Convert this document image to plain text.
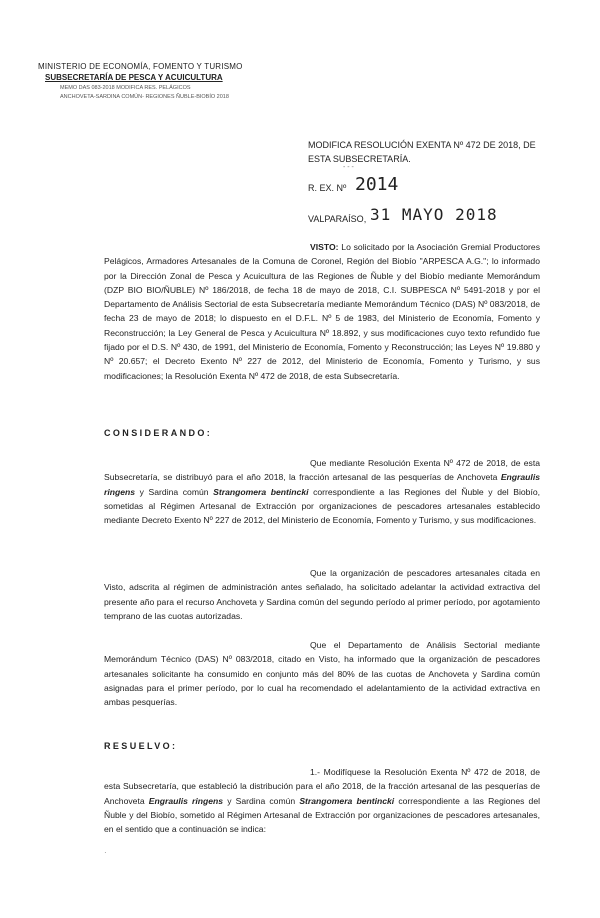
MINISTERIO DE ECONOMÍA, FOMENTO Y TURISMO
SUBSECRETARÍA DE PESCA Y ACUICULTURA
MEMO DAS 083-2018 MODIFICA RES. PELÁGICOS
ANCHOVETA-SARDINA COMÚN- REGIONES ÑUBLE-BIOBÍO 2018
MODIFICA RESOLUCIÓN EXENTA Nº 472 DE 2018, DE ESTA SUBSECRETARÍA.
- - -
R. EX. Nº 2014
VALPARAÍSO, 31 MAYO 2018
VISTO: Lo solicitado por la Asociación Gremial Productores Pelágicos, Armadores Artesanales de la Comuna de Coronel, Región del Biobío "ARPESCA A.G."; lo informado por la Dirección Zonal de Pesca y Acuicultura de las Regiones de Ñuble y del Biobío mediante Memorándum (DZP BIO BIO/ÑUBLE) Nº 186/2018, de fecha 18 de mayo de 2018, C.I. SUBPESCA Nº 5491-2018 y por el Departamento de Análisis Sectorial de esta Subsecretaría mediante Memorándum Técnico (DAS) Nº 083/2018, de fecha 23 de mayo de 2018; lo dispuesto en el D.F.L. Nº 5 de 1983, del Ministerio de Economía, Fomento y Reconstrucción; la Ley General de Pesca y Acuicultura Nº 18.892, y sus modificaciones cuyo texto refundido fue fijado por el D.S. Nº 430, de 1991, del Ministerio de Economía, Fomento y Reconstrucción; las Leyes Nº 19.880 y Nº 20.657; el Decreto Exento Nº 227 de 2012, del Ministerio de Economía, Fomento y Turismo, y sus modificaciones; la Resolución Exenta Nº 472 de 2018, de esta Subsecretaría.
CONSIDERANDO:
Que mediante Resolución Exenta Nº 472 de 2018, de esta Subsecretaría, se distribuyó para el año 2018, la fracción artesanal de las pesquerías de Anchoveta Engraulis ringens y Sardina común Strangomera bentincki correspondiente a las Regiones del Ñuble y del Biobío, sometidas al Régimen Artesanal de Extracción por organizaciones de pescadores artesanales establecido mediante Decreto Exento Nº 227 de 2012, del Ministerio de Economía, Fomento y Turismo, y sus modificaciones.
Que la organización de pescadores artesanales citada en Visto, adscrita al régimen de administración antes señalado, ha solicitado adelantar la actividad extractiva del presente año para el recurso Anchoveta y Sardina común del segundo período al primer período, por agotamiento temprano de las cuotas autorizadas.
Que el Departamento de Análisis Sectorial mediante Memorándum Técnico (DAS) Nº 083/2018, citado en Visto, ha informado que la organización de pescadores artesanales solicitante ha consumido en conjunto más del 80% de las cuotas de Anchoveta y Sardina común asignadas para el primer período, por lo cual ha recomendado el adelantamiento de la actividad extractiva en ambas pesquerías.
RESUELVO:
1.- Modifíquese la Resolución Exenta Nº 472 de 2018, de esta Subsecretaría, que estableció la distribución para el año 2018, de la fracción artesanal de las pesquerías de Anchoveta Engraulis ringens y Sardina común Strangomera bentincki correspondiente a las Regiones del Ñuble y del Biobío, sometido al Régimen Artesanal de Extracción por organizaciones de pescadores artesanales, en el sentido que a continuación se indica:
·
